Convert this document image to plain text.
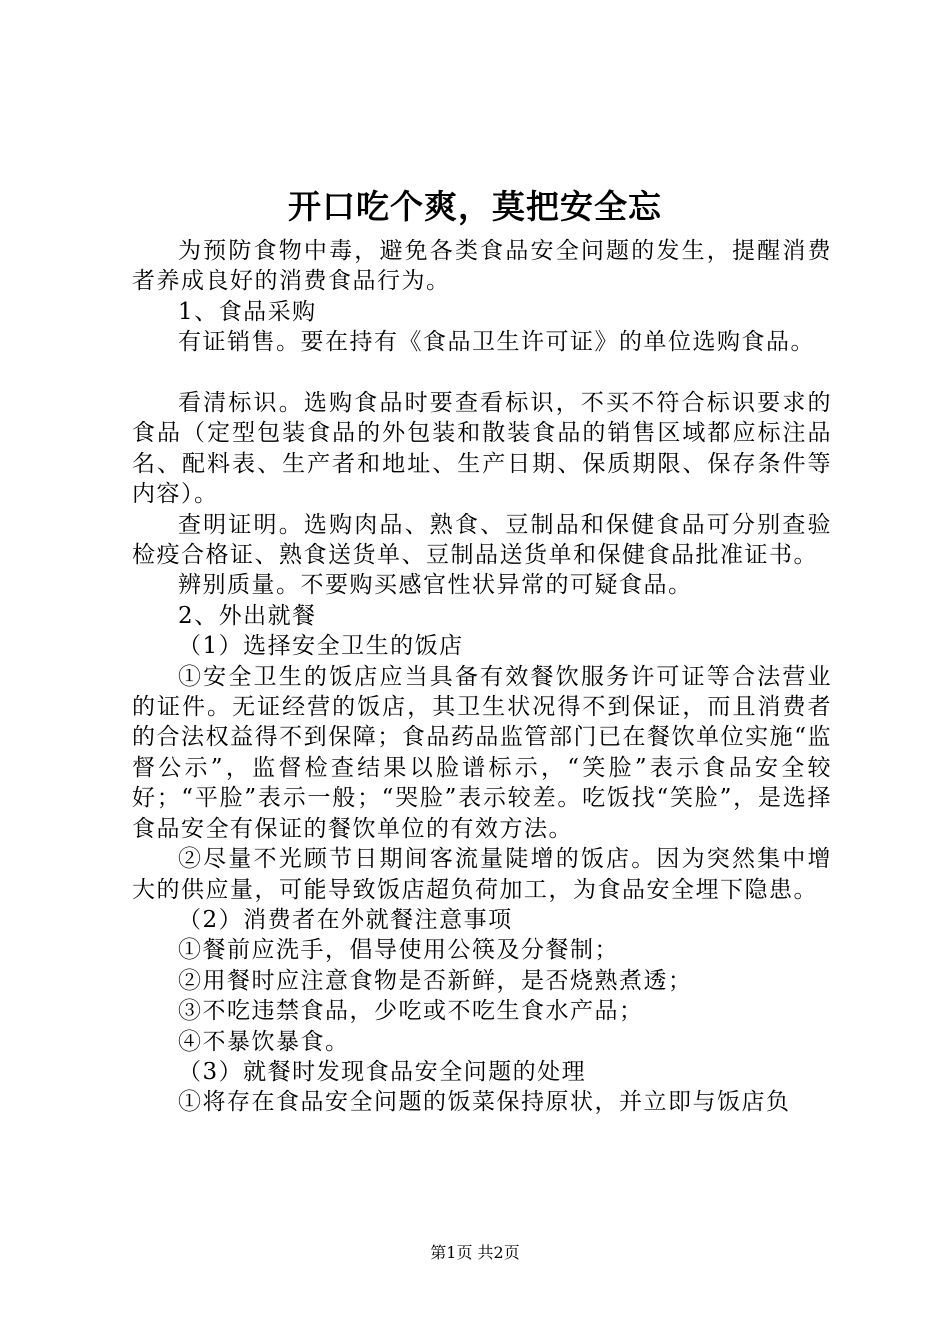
开口吃个爽，莫把安全忘

为预防食物中毒，避免各类食品安全问题的发生，提醒消费者养成良好的消费食品行为。

1、食品采购

有证销售。要在持有《食品卫生许可证》的单位选购食品。

看清标识。选购食品时要查看标识，不买不符合标识要求的食品（定型包装食品的外包装和散装食品的销售区域都应标注品名、配料表、生产者和地址、生产日期、保质期限、保存条件等内容）。

查明证明。选购肉品、熟食、豆制品和保健食品可分别查验检疫合格证、熟食送货单、豆制品送货单和保健食品批准证书。

辨别质量。不要购买感官性状异常的可疑食品。

2、外出就餐

（1）选择安全卫生的饭店

①安全卫生的饭店应当具备有效餐饮服务许可证等合法营业的证件。无证经营的饭店，其卫生状况得不到保证，而且消费者的合法权益得不到保障；食品药品监管部门已在餐饮单位实施“监督公示”，监督检查结果以脸谱标示，“笑脸”表示食品安全较好；“平脸”表示一般；“哭脸”表示较差。吃饭找“笑脸”，是选择食品安全有保证的餐饮单位的有效方法。

②尽量不光顾节日期间客流量陡增的饭店。因为突然集中增大的供应量，可能导致饭店超负荷加工，为食品安全埋下隐患。

（2）消费者在外就餐注意事项

①餐前应洗手，倡导使用公筷及分餐制；

②用餐时应注意食物是否新鲜，是否烧熟煮透；

③不吃违禁食品，少吃或不吃生食水产品；

④不暴饮暴食。

（3）就餐时发现食品安全问题的处理

①将存在食品安全问题的饭菜保持原状，并立即与饭店负

第1页 共2页
